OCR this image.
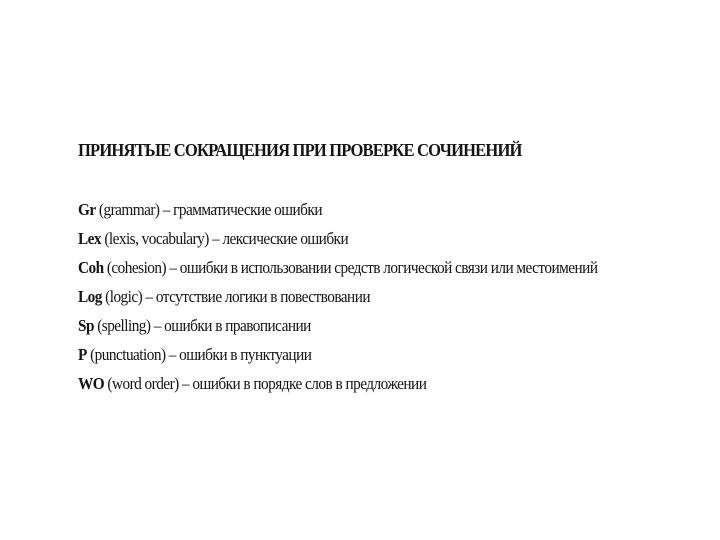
ПРИНЯТЫЕ СОКРАЩЕНИЯ ПРИ ПРОВЕРКЕ СОЧИНЕНИЙ
Gr (grammar) – грамматические ошибки
Lex (lexis, vocabulary) – лексические ошибки
Coh (cohesion) – ошибки в использовании средств логической связи или местоимений
Log (logic) – отсутствие логики в повествовании
Sp (spelling) – ошибки в правописании
P (punctuation) – ошибки в пунктуации
WO (word order) – ошибки в порядке слов в предложении
